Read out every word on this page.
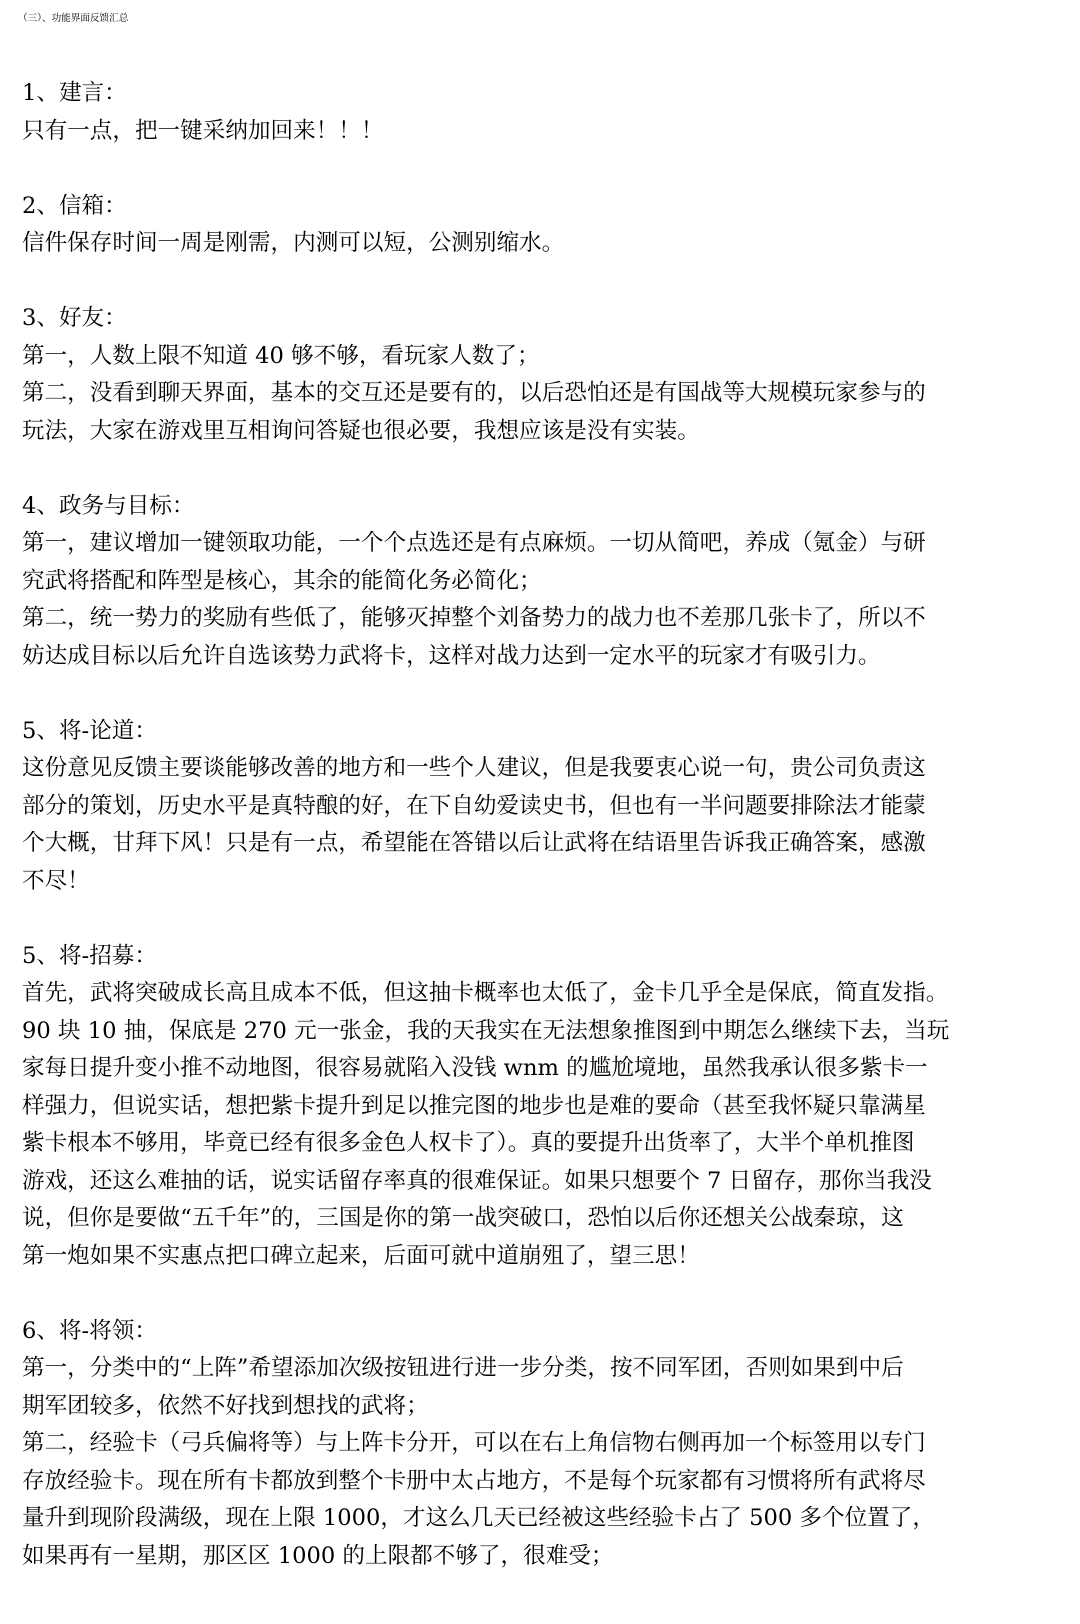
（三）、功能界面反馈汇总
1、建言：
只有一点，把一键采纳加回来！！！
2、信箱：
信件保存时间一周是刚需，内测可以短，公测别缩水。
3、好友：
第一，人数上限不知道 40 够不够，看玩家人数了；
第二，没看到聊天界面，基本的交互还是要有的，以后恐怕还是有国战等大规模玩家参与的
玩法，大家在游戏里互相询问答疑也很必要，我想应该是没有实装。
4、政务与目标：
第一，建议增加一键领取功能，一个个点选还是有点麻烦。一切从简吧，养成（氪金）与研
究武将搭配和阵型是核心，其余的能简化务必简化；
第二，统一势力的奖励有些低了，能够灭掉整个刘备势力的战力也不差那几张卡了，所以不
妨达成目标以后允许自选该势力武将卡，这样对战力达到一定水平的玩家才有吸引力。
5、将-论道：
这份意见反馈主要谈能够改善的地方和一些个人建议，但是我要衷心说一句，贵公司负责这
部分的策划，历史水平是真特酿的好，在下自幼爱读史书，但也有一半问题要排除法才能蒙
个大概，甘拜下风！只是有一点，希望能在答错以后让武将在结语里告诉我正确答案，感激
不尽！
5、将-招募：
首先，武将突破成长高且成本不低，但这抽卡概率也太低了，金卡几乎全是保底，简直发指。
90 块 10 抽，保底是 270 元一张金，我的天我实在无法想象推图到中期怎么继续下去，当玩
家每日提升变小推不动地图，很容易就陷入没钱 wnm 的尴尬境地，虽然我承认很多紫卡一
样强力，但说实话，想把紫卡提升到足以推完图的地步也是难的要命（甚至我怀疑只靠满星
紫卡根本不够用，毕竟已经有很多金色人权卡了）。真的要提升出货率了，大半个单机推图
游戏，还这么难抽的话，说实话留存率真的很难保证。如果只想要个 7 日留存，那你当我没
说，但你是要做“五千年”的，三国是你的第一战突破口，恐怕以后你还想关公战秦琼，这
第一炮如果不实惠点把口碑立起来，后面可就中道崩殂了，望三思！
6、将-将领：
第一，分类中的“上阵”希望添加次级按钮进行进一步分类，按不同军团，否则如果到中后
期军团较多，依然不好找到想找的武将；
第二，经验卡（弓兵偏将等）与上阵卡分开，可以在右上角信物右侧再加一个标签用以专门
存放经验卡。现在所有卡都放到整个卡册中太占地方，不是每个玩家都有习惯将所有武将尽
量升到现阶段满级，现在上限 1000，才这么几天已经被这些经验卡占了 500 多个位置了，
如果再有一星期，那区区 1000 的上限都不够了，很难受；
